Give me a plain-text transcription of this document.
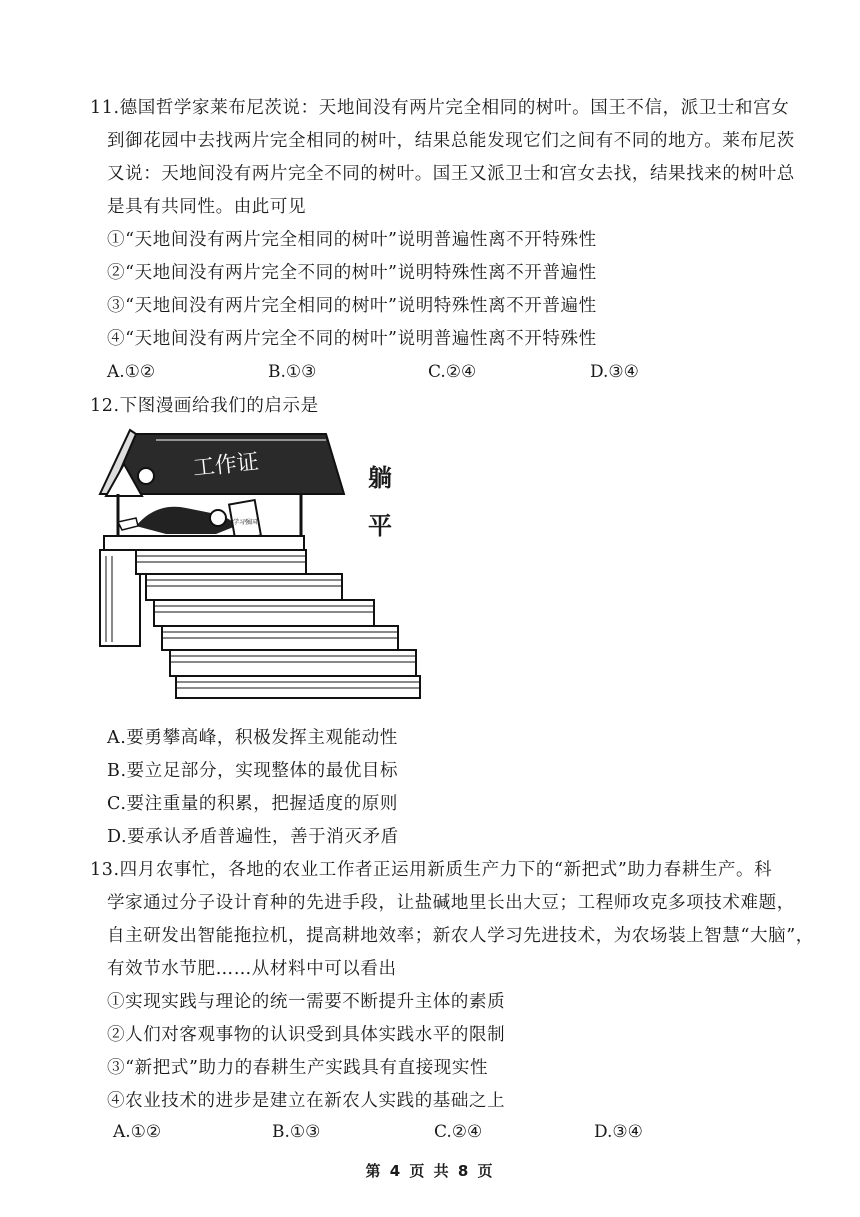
11.德国哲学家莱布尼茨说：天地间没有两片完全相同的树叶。国王不信，派卫士和宫女
到御花园中去找两片完全相同的树叶，结果总能发现它们之间有不同的地方。莱布尼茨
又说：天地间没有两片完全不同的树叶。国王又派卫士和宫女去找，结果找来的树叶总
是具有共同性。由此可见
①“天地间没有两片完全相同的树叶”说明普遍性离不开特殊性
②“天地间没有两片完全不同的树叶”说明特殊性离不开普遍性
③“天地间没有两片完全相同的树叶”说明特殊性离不开普遍性
④“天地间没有两片完全不同的树叶”说明普遍性离不开特殊性
A.①②	B.①③	C.②④	D.③④
12.下图漫画给我们的启示是
工作证
学习强国
躺
平
A.要勇攀高峰，积极发挥主观能动性
B.要立足部分，实现整体的最优目标
C.要注重量的积累，把握适度的原则
D.要承认矛盾普遍性，善于消灭矛盾
13.四月农事忙，各地的农业工作者正运用新质生产力下的“新把式”助力春耕生产。科
学家通过分子设计育种的先进手段，让盐碱地里长出大豆；工程师攻克多项技术难题，
自主研发出智能拖拉机，提高耕地效率；新农人学习先进技术，为农场装上智慧“大脑”，
有效节水节肥……从材料中可以看出
①实现实践与理论的统一需要不断提升主体的素质
②人们对客观事物的认识受到具体实践水平的限制
③“新把式”助力的春耕生产实践具有直接现实性
④农业技术的进步是建立在新农人实践的基础之上
A.①②	B.①③	C.②④	D.③④
第 4 页 共 8 页
